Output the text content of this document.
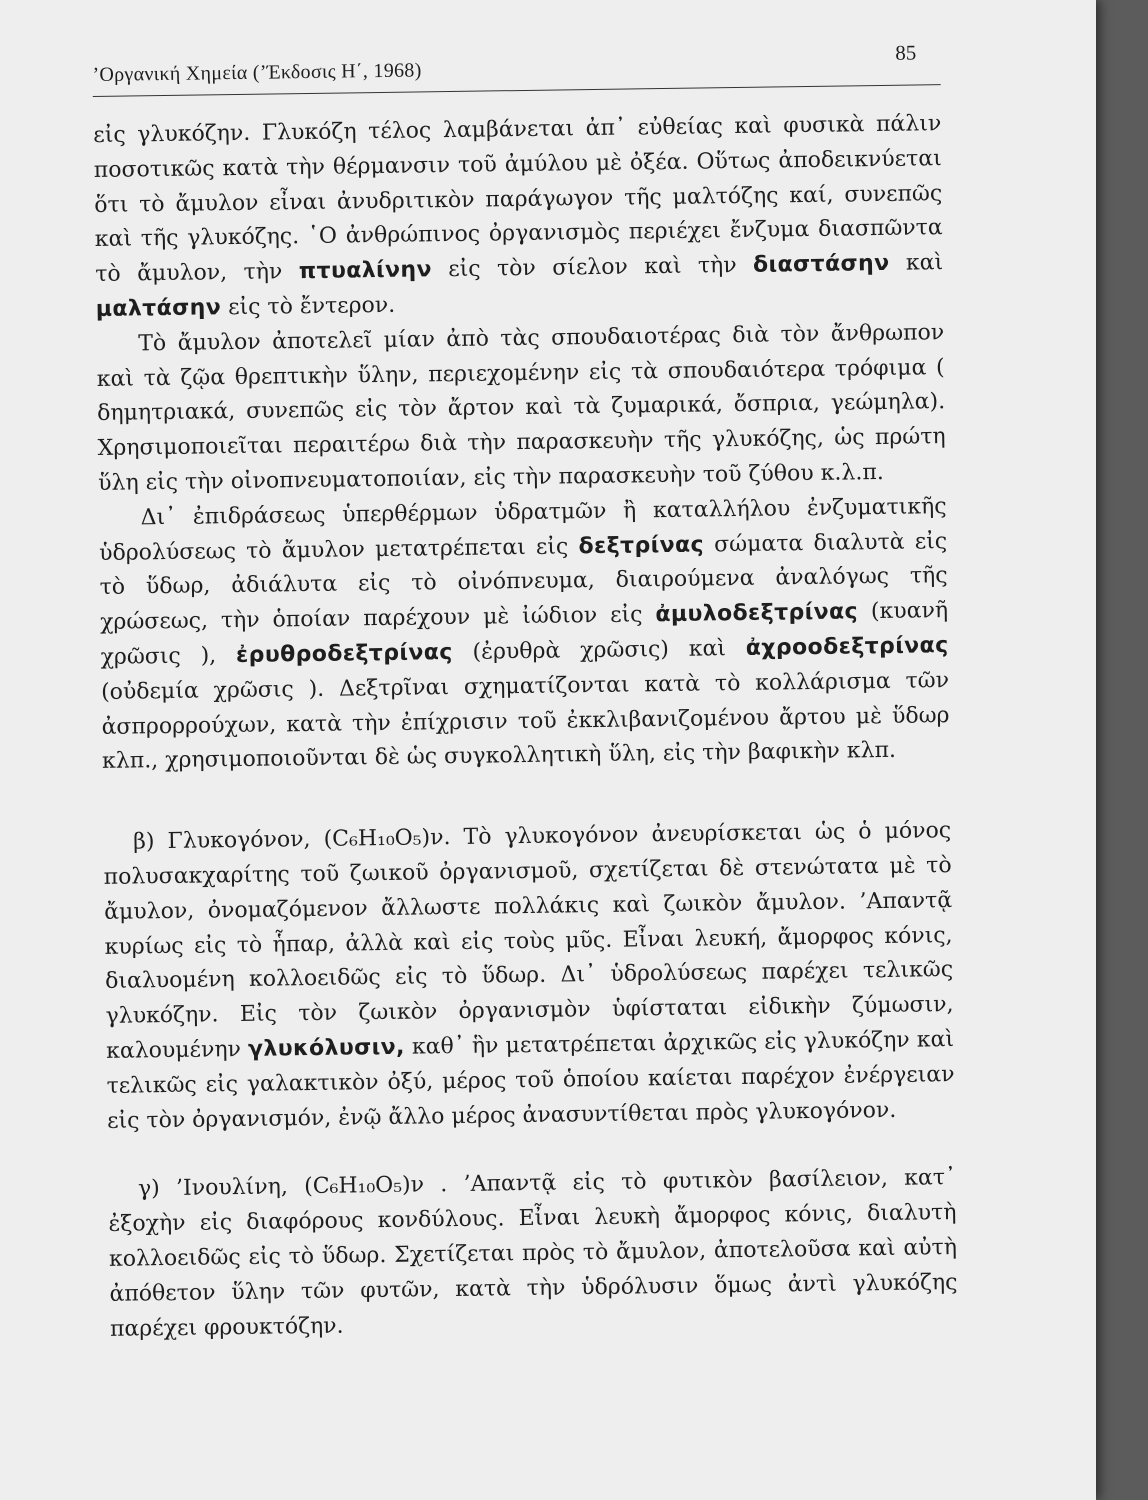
’Οργανική Χημεία (’Έκδοσις Η΄, 1968)
85

εἰς γλυκόζην. Γλυκόζη τέλος λαμβάνεται ἀπ᾽ εὐθείας καὶ φυσικὰ πάλιν ποσοτικῶς κατὰ τὴν θέρμανσιν τοῦ ἀμύλου μὲ ὀξέα. Οὕτως ἀποδεικνύεται ὅτι τὸ ἄμυλον εἶναι ἀνυδριτικὸν παράγωγον τῆς μαλτόζης καί, συνεπῶς καὶ τῆς γλυκόζης. ῾Ο ἀνθρώπινος ὀργανισμὸς περιέχει ἔνζυμα διασπῶντα τὸ ἄμυλον, τὴν πτυαλίνην εἰς τὸν σίελον καὶ τὴν διαστάσην καὶ μαλτάσην εἰς τὸ ἔντερον.

Τὸ ἄμυλον ἀποτελεῖ μίαν ἀπὸ τὰς σπουδαιοτέρας διὰ τὸν ἄνθρωπον καὶ τὰ ζῷα θρεπτικὴν ὕλην, περιεχομένην εἰς τὰ σπουδαιότερα τρόφιμα ( δημητριακά, συνεπῶς εἰς τὸν ἄρτον καὶ τὰ ζυμαρικά, ὄσπρια, γεώμηλα). Χρησιμοποιεῖται περαιτέρω διὰ τὴν παρασκευὴν τῆς γλυκόζης, ὡς πρώτη ὕλη εἰς τὴν οἰνοπνευματοποιίαν, εἰς τὴν παρασκευὴν τοῦ ζύθου κ.λ.π.

Δι᾽ ἐπιδράσεως ὑπερθέρμων ὑδρατμῶν ἢ καταλλήλου ἐνζυματικῆς ὑδρολύσεως τὸ ἄμυλον μετατρέπεται εἰς δεξτρίνας σώματα διαλυτὰ εἰς τὸ ὕδωρ, ἀδιάλυτα εἰς τὸ οἰνόπνευμα, διαιρούμενα ἀναλόγως τῆς χρώσεως, τὴν ὁποίαν παρέχουν μὲ ἰώδιον εἰς ἀμυλοδεξτρίνας (κυανῆ χρῶσις ), ἐρυθροδεξτρίνας (ἐρυθρὰ χρῶσις) καὶ ἀχροοδεξτρίνας (οὐδεμία χρῶσις ). Δεξτρῖναι σχηματίζονται κατὰ τὸ κολλάρισμα τῶν ἀσπρορρούχων, κατὰ τὴν ἐπίχρισιν τοῦ ἐκκλιβανιζομένου ἄρτου μὲ ὕδωρ κλπ., χρησιμοποιοῦνται δὲ ὡς συγκολλητικὴ ὕλη, εἰς τὴν βαφικὴν κλπ.

β) Γλυκογόνον, (C₆H₁₀O₅)ν. Τὸ γλυκογόνον ἀνευρίσκεται ὡς ὁ μόνος πολυσακχαρίτης τοῦ ζωικοῦ ὀργανισμοῦ, σχετίζεται δὲ στενώτατα μὲ τὸ ἄμυλον, ὀνομαζόμενον ἄλλωστε πολλάκις καὶ ζωικὸν ἄμυλον. ’Απαντᾷ κυρίως εἰς τὸ ἧπαρ, ἀλλὰ καὶ εἰς τοὺς μῦς. Εἶναι λευκή, ἄμορφος κόνις, διαλυομένη κολλοειδῶς εἰς τὸ ὕδωρ. Δι᾽ ὑδρολύσεως παρέχει τελικῶς γλυκόζην. Εἰς τὸν ζωικὸν ὀργανισμὸν ὑφίσταται εἰδικὴν ζύμωσιν, καλουμένην γλυκόλυσιν, καθ᾽ ἣν μετατρέπεται ἀρχικῶς εἰς γλυκόζην καὶ τελικῶς εἰς γαλακτικὸν ὀξύ, μέρος τοῦ ὁποίου καίεται παρέχον ἐνέργειαν εἰς τὸν ὀργανισμόν, ἐνῷ ἄλλο μέρος ἀνασυντίθεται πρὸς γλυκογόνον.

γ) ’Ινουλίνη, (C₆H₁₀O₅)ν . ’Απαντᾷ εἰς τὸ φυτικὸν βασίλειον, κατ᾽ ἐξοχὴν εἰς διαφόρους κονδύλους. Εἶναι λευκὴ ἄμορφος κόνις, διαλυτὴ κολλοειδῶς εἰς τὸ ὕδωρ. Σχετίζεται πρὸς τὸ ἄμυλον, ἀποτελοῦσα καὶ αὐτὴ ἀπόθετον ὕλην τῶν φυτῶν, κατὰ τὴν ὑδρόλυσιν ὅμως ἀντὶ γλυκόζης παρέχει φρουκτόζην.
